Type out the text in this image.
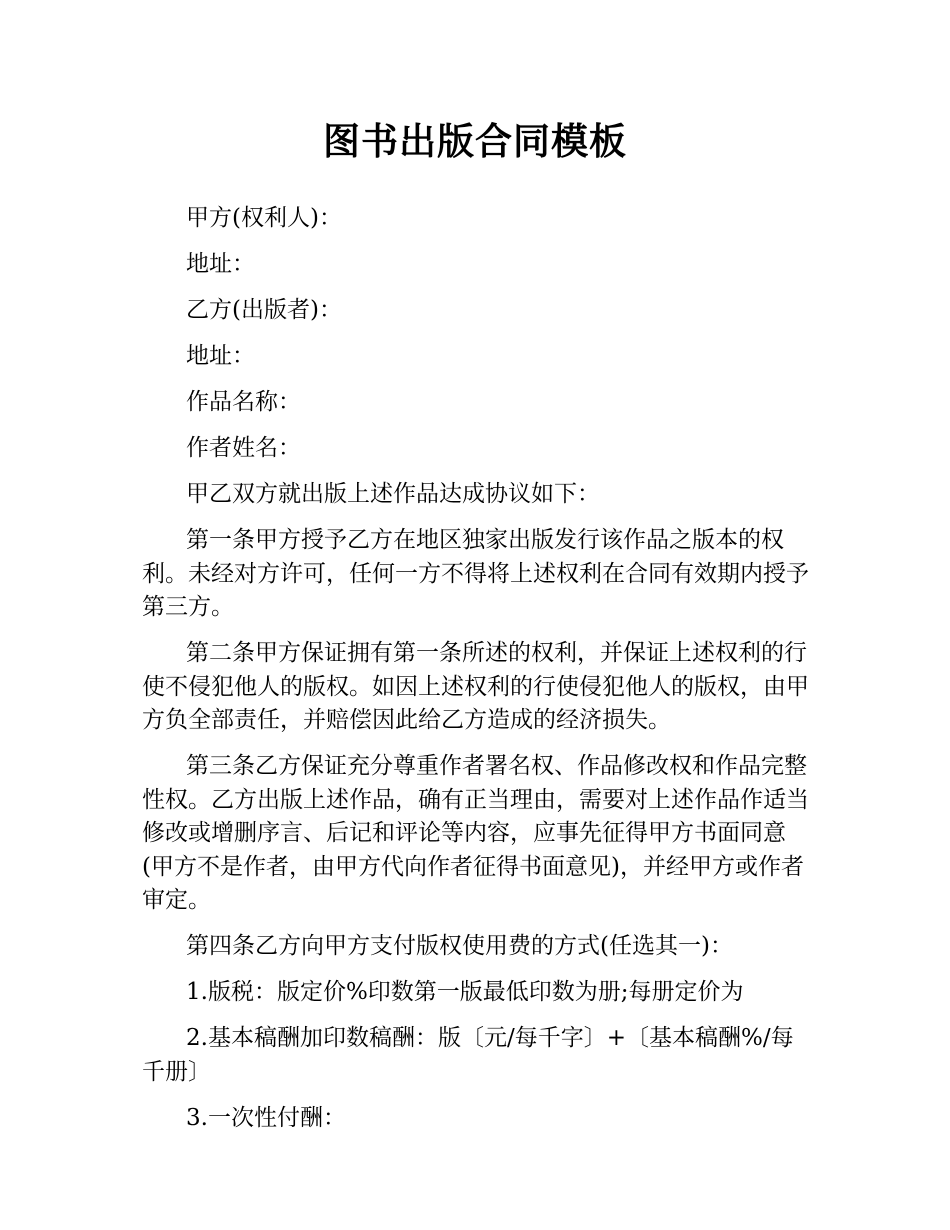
图书出版合同模板

甲方(权利人)：

地址：

乙方(出版者)：

地址：

作品名称：

作者姓名：

甲乙双方就出版上述作品达成协议如下：

第一条甲方授予乙方在地区独家出版发行该作品之版本的权利。未经对方许可，任何一方不得将上述权利在合同有效期内授予第三方。

第二条甲方保证拥有第一条所述的权利，并保证上述权利的行使不侵犯他人的版权。如因上述权利的行使侵犯他人的版权，由甲方负全部责任，并赔偿因此给乙方造成的经济损失。

第三条乙方保证充分尊重作者署名权、作品修改权和作品完整性权。乙方出版上述作品，确有正当理由，需要对上述作品作适当修改或增删序言、后记和评论等内容，应事先征得甲方书面同意(甲方不是作者，由甲方代向作者征得书面意见)，并经甲方或作者审定。

第四条乙方向甲方支付版权使用费的方式(任选其一)：

1.版税：版定价%印数第一版最低印数为册;每册定价为

2.基本稿酬加印数稿酬：版〔元/每千字〕+〔基本稿酬%/每千册〕

3.一次性付酬：
